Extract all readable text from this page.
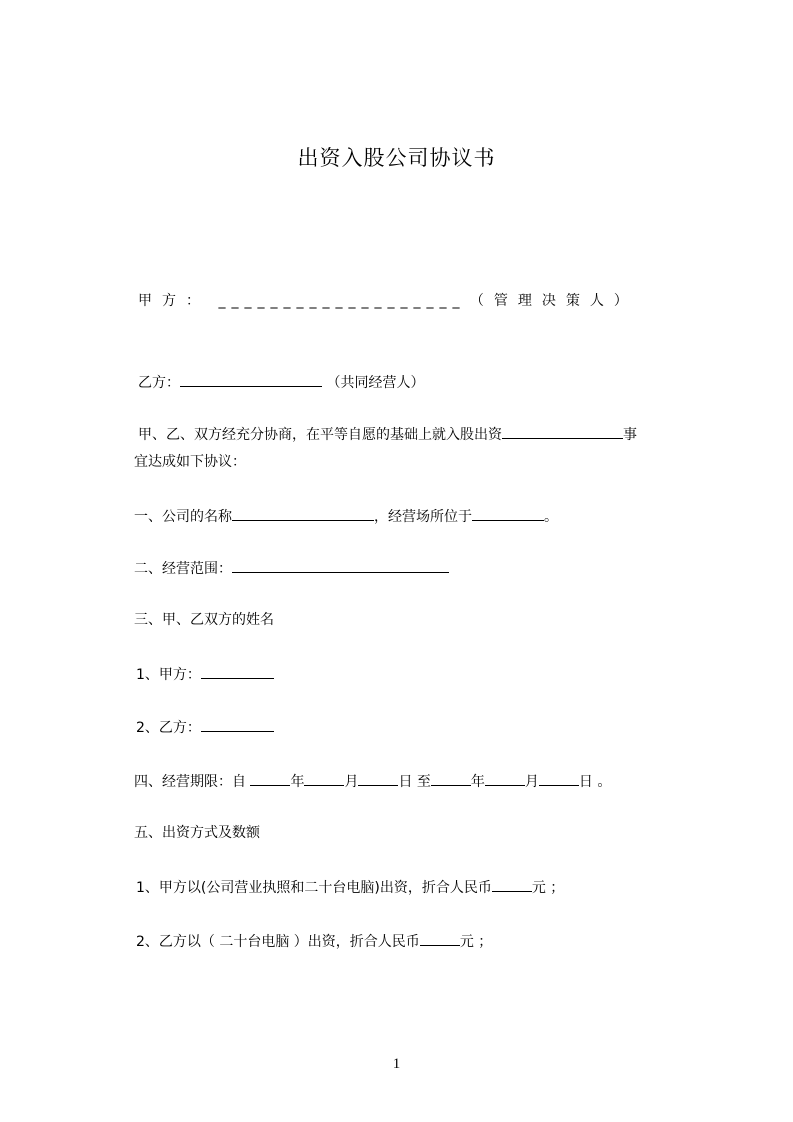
出资入股公司协议书
甲方： ___________________ （管理决策人）
乙方：	（共同经营人）
甲、乙、双方经充分协商，在平等自愿的基础上就入股出资	事
宜达成如下协议：
一、公司的名称	，经营场所位于	。
二、经营范围：
三、甲、乙双方的姓名
1、甲方：
2、乙方：
四、经营期限：自	年	月	日 至	年	月	日 。
五、出资方式及数额
1、甲方以(公司营业执照和二十台电脑)出资，折合人民币	元 ；
2、乙方以（ 二十台电脑 ）出资，折合人民币	元 ；
1
